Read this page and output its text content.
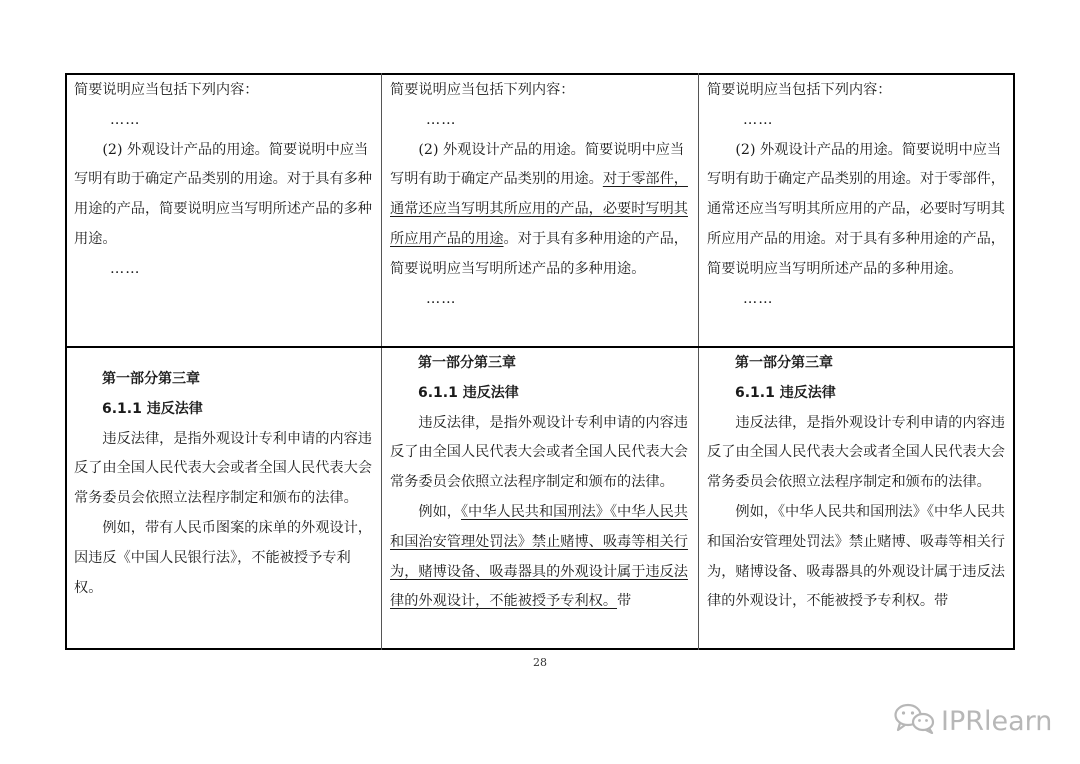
简要说明应当包括下列内容：

……

(2) 外观设计产品的用途。简要说明中应当写明有助于确定产品类别的用途。对于具有多种用途的产品，简要说明应当写明所述产品的多种用途。

……

简要说明应当包括下列内容：

……

(2) 外观设计产品的用途。简要说明中应当写明有助于确定产品类别的用途。对于零部件，通常还应当写明其所应用的产品，必要时写明其所应用产品的用途。对于具有多种用途的产品，简要说明应当写明所述产品的多种用途。

……

简要说明应当包括下列内容：

……

(2) 外观设计产品的用途。简要说明中应当写明有助于确定产品类别的用途。对于零部件，通常还应当写明其所应用的产品，必要时写明其所应用产品的用途。对于具有多种用途的产品，简要说明应当写明所述产品的多种用途。

……

第一部分第三章

6.1.1 违反法律

违反法律，是指外观设计专利申请的内容违反了由全国人民代表大会或者全国人民代表大会常务委员会依照立法程序制定和颁布的法律。

例如，带有人民币图案的床单的外观设计，因违反《中国人民银行法》，不能被授予专利权。

第一部分第三章

6.1.1 违反法律

违反法律，是指外观设计专利申请的内容违反了由全国人民代表大会或者全国人民代表大会常务委员会依照立法程序制定和颁布的法律。

例如，《中华人民共和国刑法》《中华人民共和国治安管理处罚法》禁止赌博、吸毒等相关行为，赌博设备、吸毒器具的外观设计属于违反法律的外观设计，不能被授予专利权。带

第一部分第三章

6.1.1 违反法律

违反法律，是指外观设计专利申请的内容违反了由全国人民代表大会或者全国人民代表大会常务委员会依照立法程序制定和颁布的法律。

例如，《中华人民共和国刑法》《中华人民共和国治安管理处罚法》禁止赌博、吸毒等相关行为，赌博设备、吸毒器具的外观设计属于违反法律的外观设计，不能被授予专利权。带

28
IPRlearn
